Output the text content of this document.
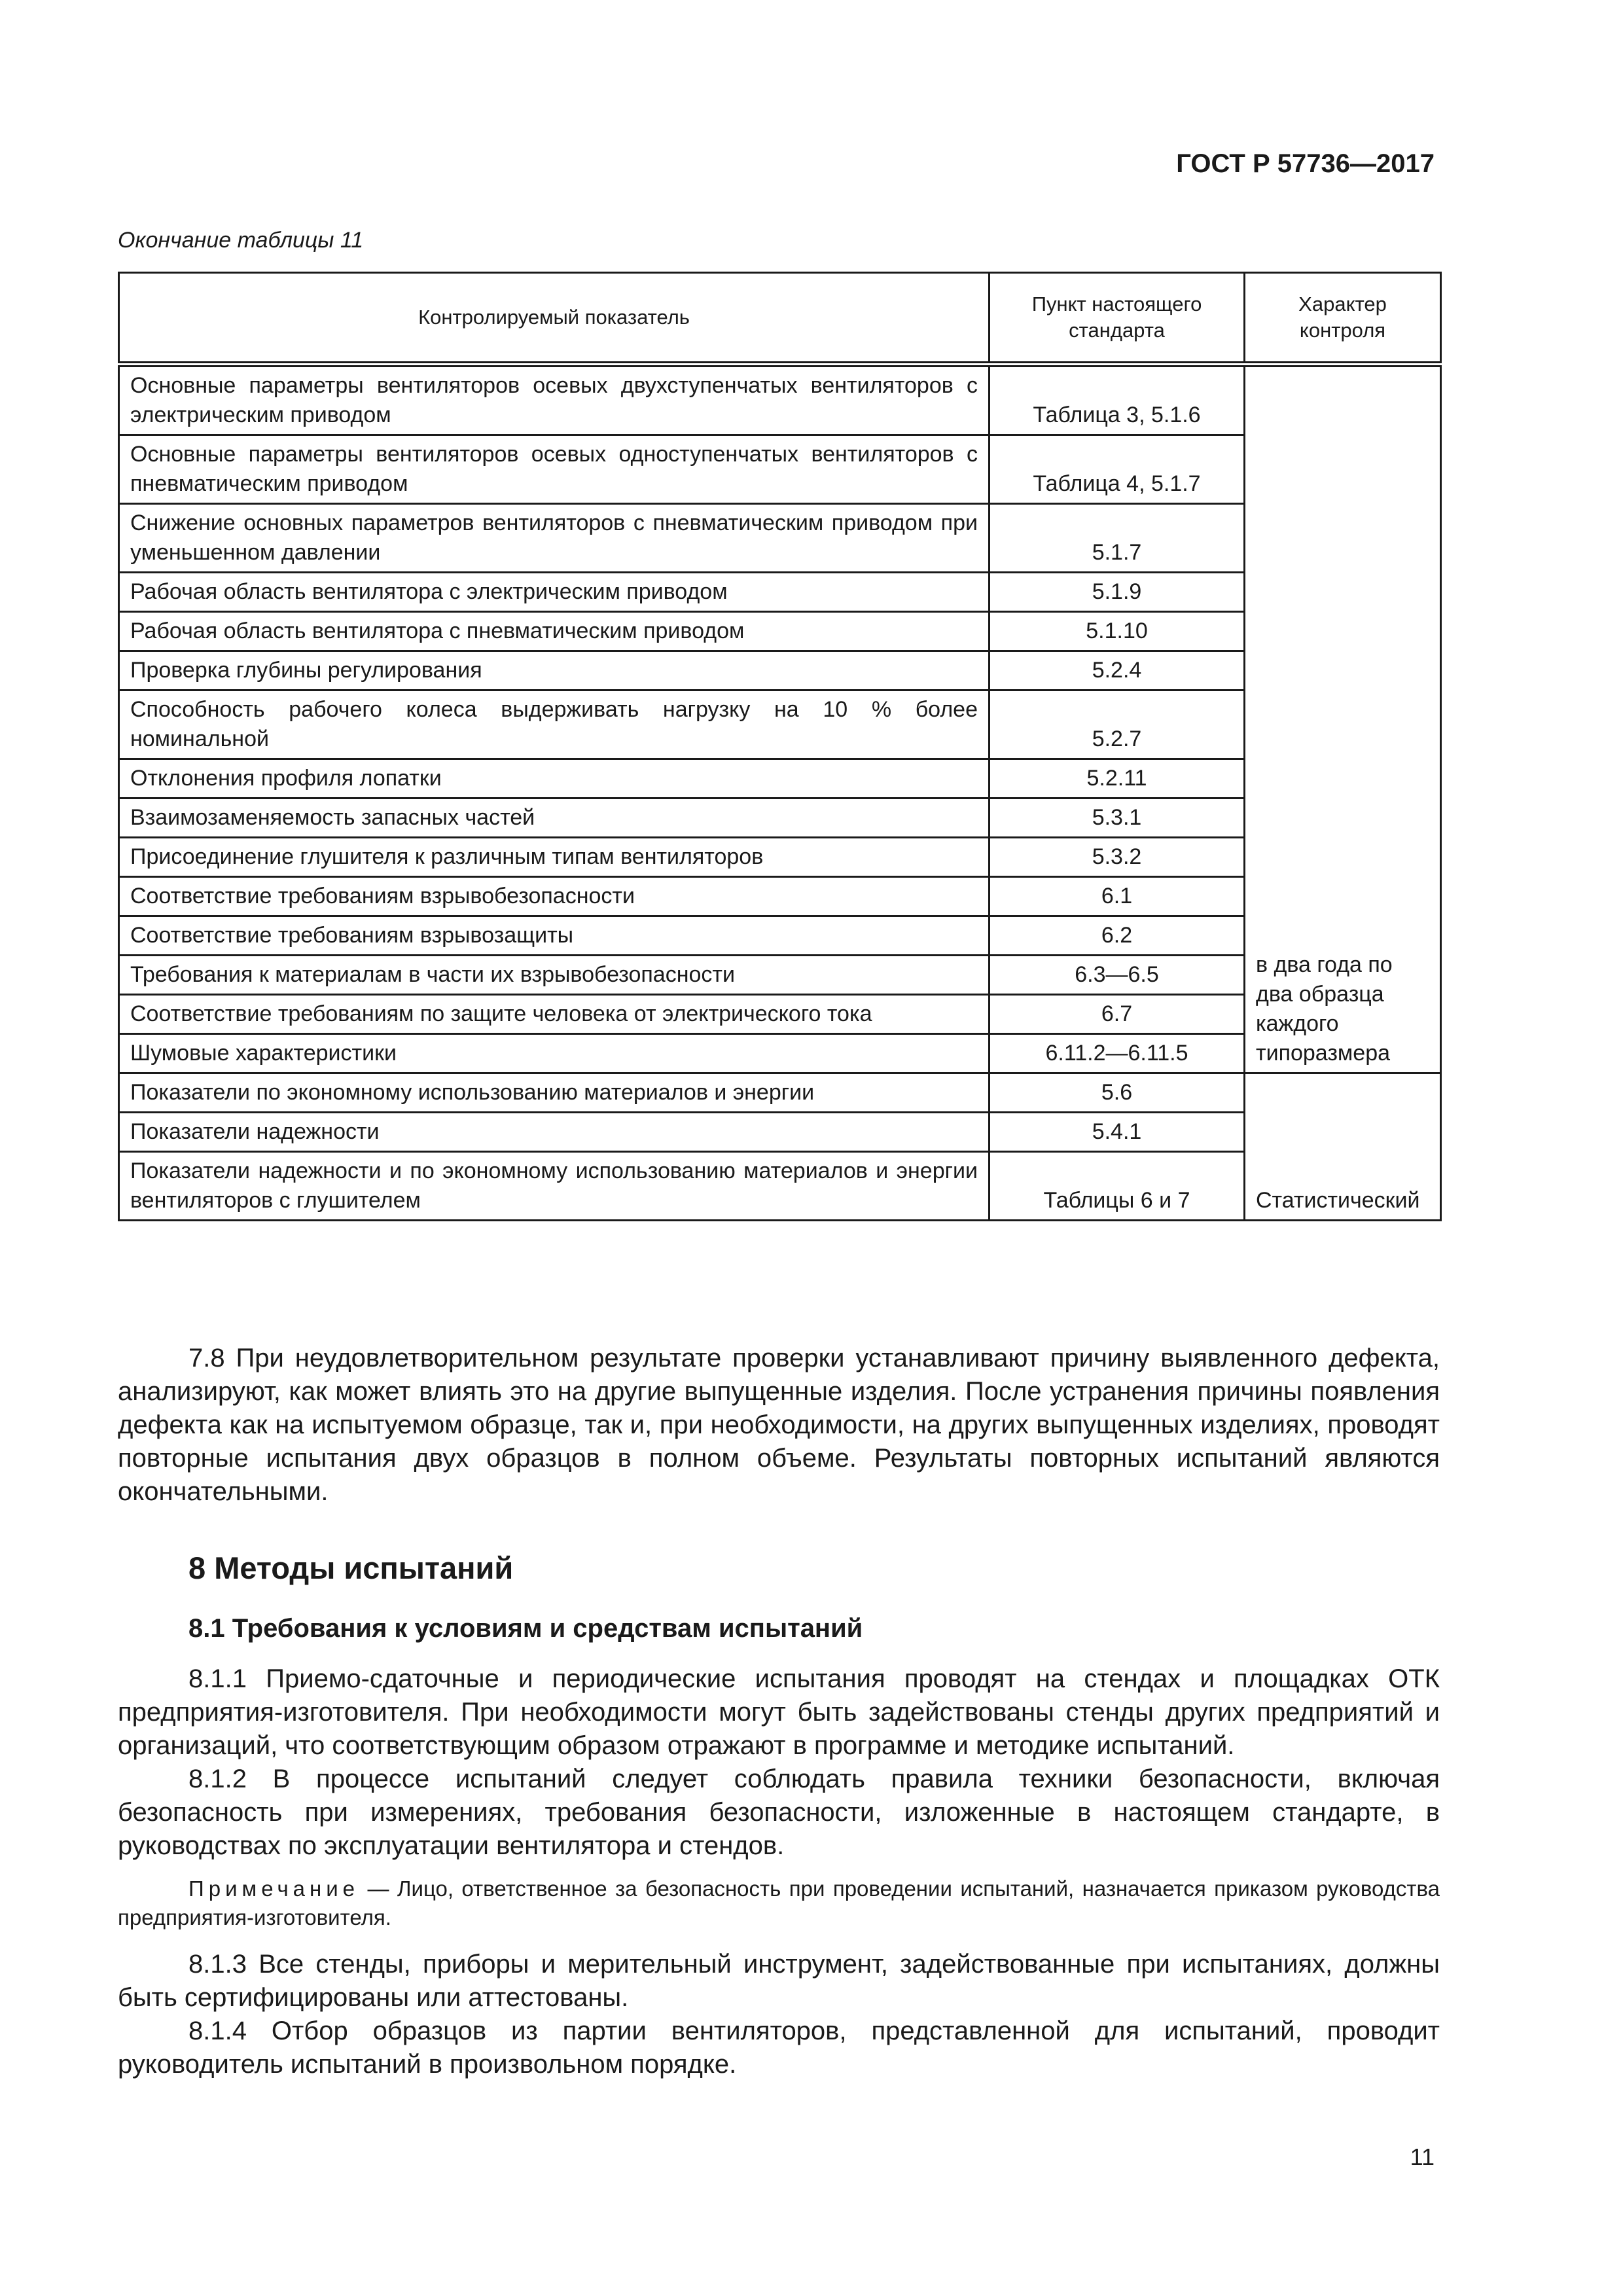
ГОСТ Р 57736—2017
Окончание таблицы 11
Контролируемый показатель	Пункт настоящего стандарта	Характер контроля
Основные параметры вентиляторов осевых двухступенчатых вентиляторов с электрическим приводом	Таблица 3, 5.1.6	в два года по два образца каждого типоразмера
Основные параметры вентиляторов осевых одноступенчатых вентиляторов с пневматическим приводом	Таблица 4, 5.1.7	
Снижение основных параметров вентиляторов с пневматическим приводом при уменьшенном давлении	5.1.7	
Рабочая область вентилятора с электрическим приводом	5.1.9	
Рабочая область вентилятора с пневматическим приводом	5.1.10	
Проверка глубины регулирования	5.2.4	
Способность рабочего колеса выдерживать нагрузку на 10 % более номинальной	5.2.7	
Отклонения профиля лопатки	5.2.11	
Взаимозаменяемость запасных частей	5.3.1	
Присоединение глушителя к различным типам вентиляторов	5.3.2	
Соответствие требованиям взрывобезопасности	6.1	
Соответствие требованиям взрывозащиты	6.2	
Требования к материалам в части их взрывобезопасности	6.3—6.5	
Соответствие требованиям по защите человека от электрического тока	6.7	
Шумовые характеристики	6.11.2—6.11.5	
Показатели по экономному использованию материалов и энергии	5.6	Статистический
Показатели надежности	5.4.1	
Показатели надежности и по экономному использованию материалов и энергии вентиляторов с глушителем	Таблицы 6 и 7	

7.8 При неудовлетворительном результате проверки устанавливают причину выявленного дефекта, анализируют, как может влиять это на другие выпущенные изделия. После устранения причины появления дефекта как на испытуемом образце, так и, при необходимости, на других выпущенных изделиях, проводят повторные испытания двух образцов в полном объеме. Результаты повторных испытаний являются окончательными.

8 Методы испытаний
8.1 Требования к условиям и средствам испытаний

8.1.1 Приемо-сдаточные и периодические испытания проводят на стендах и площадках ОТК предприятия-изготовителя. При необходимости могут быть задействованы стенды других предприятий и организаций, что соответствующим образом отражают в программе и методике испытаний.

8.1.2 В процессе испытаний следует соблюдать правила техники безопасности, включая безопасность при измерениях, требования безопасности, изложенные в настоящем стандарте, в руководствах по эксплуатации вентилятора и стендов.

Примечание — Лицо, ответственное за безопасность при проведении испытаний, назначается приказом руководства предприятия-изготовителя.

8.1.3 Все стенды, приборы и мерительный инструмент, задействованные при испытаниях, должны быть сертифицированы или аттестованы.

8.1.4 Отбор образцов из партии вентиляторов, представленной для испытаний, проводит руководитель испытаний в произвольном порядке.

11
